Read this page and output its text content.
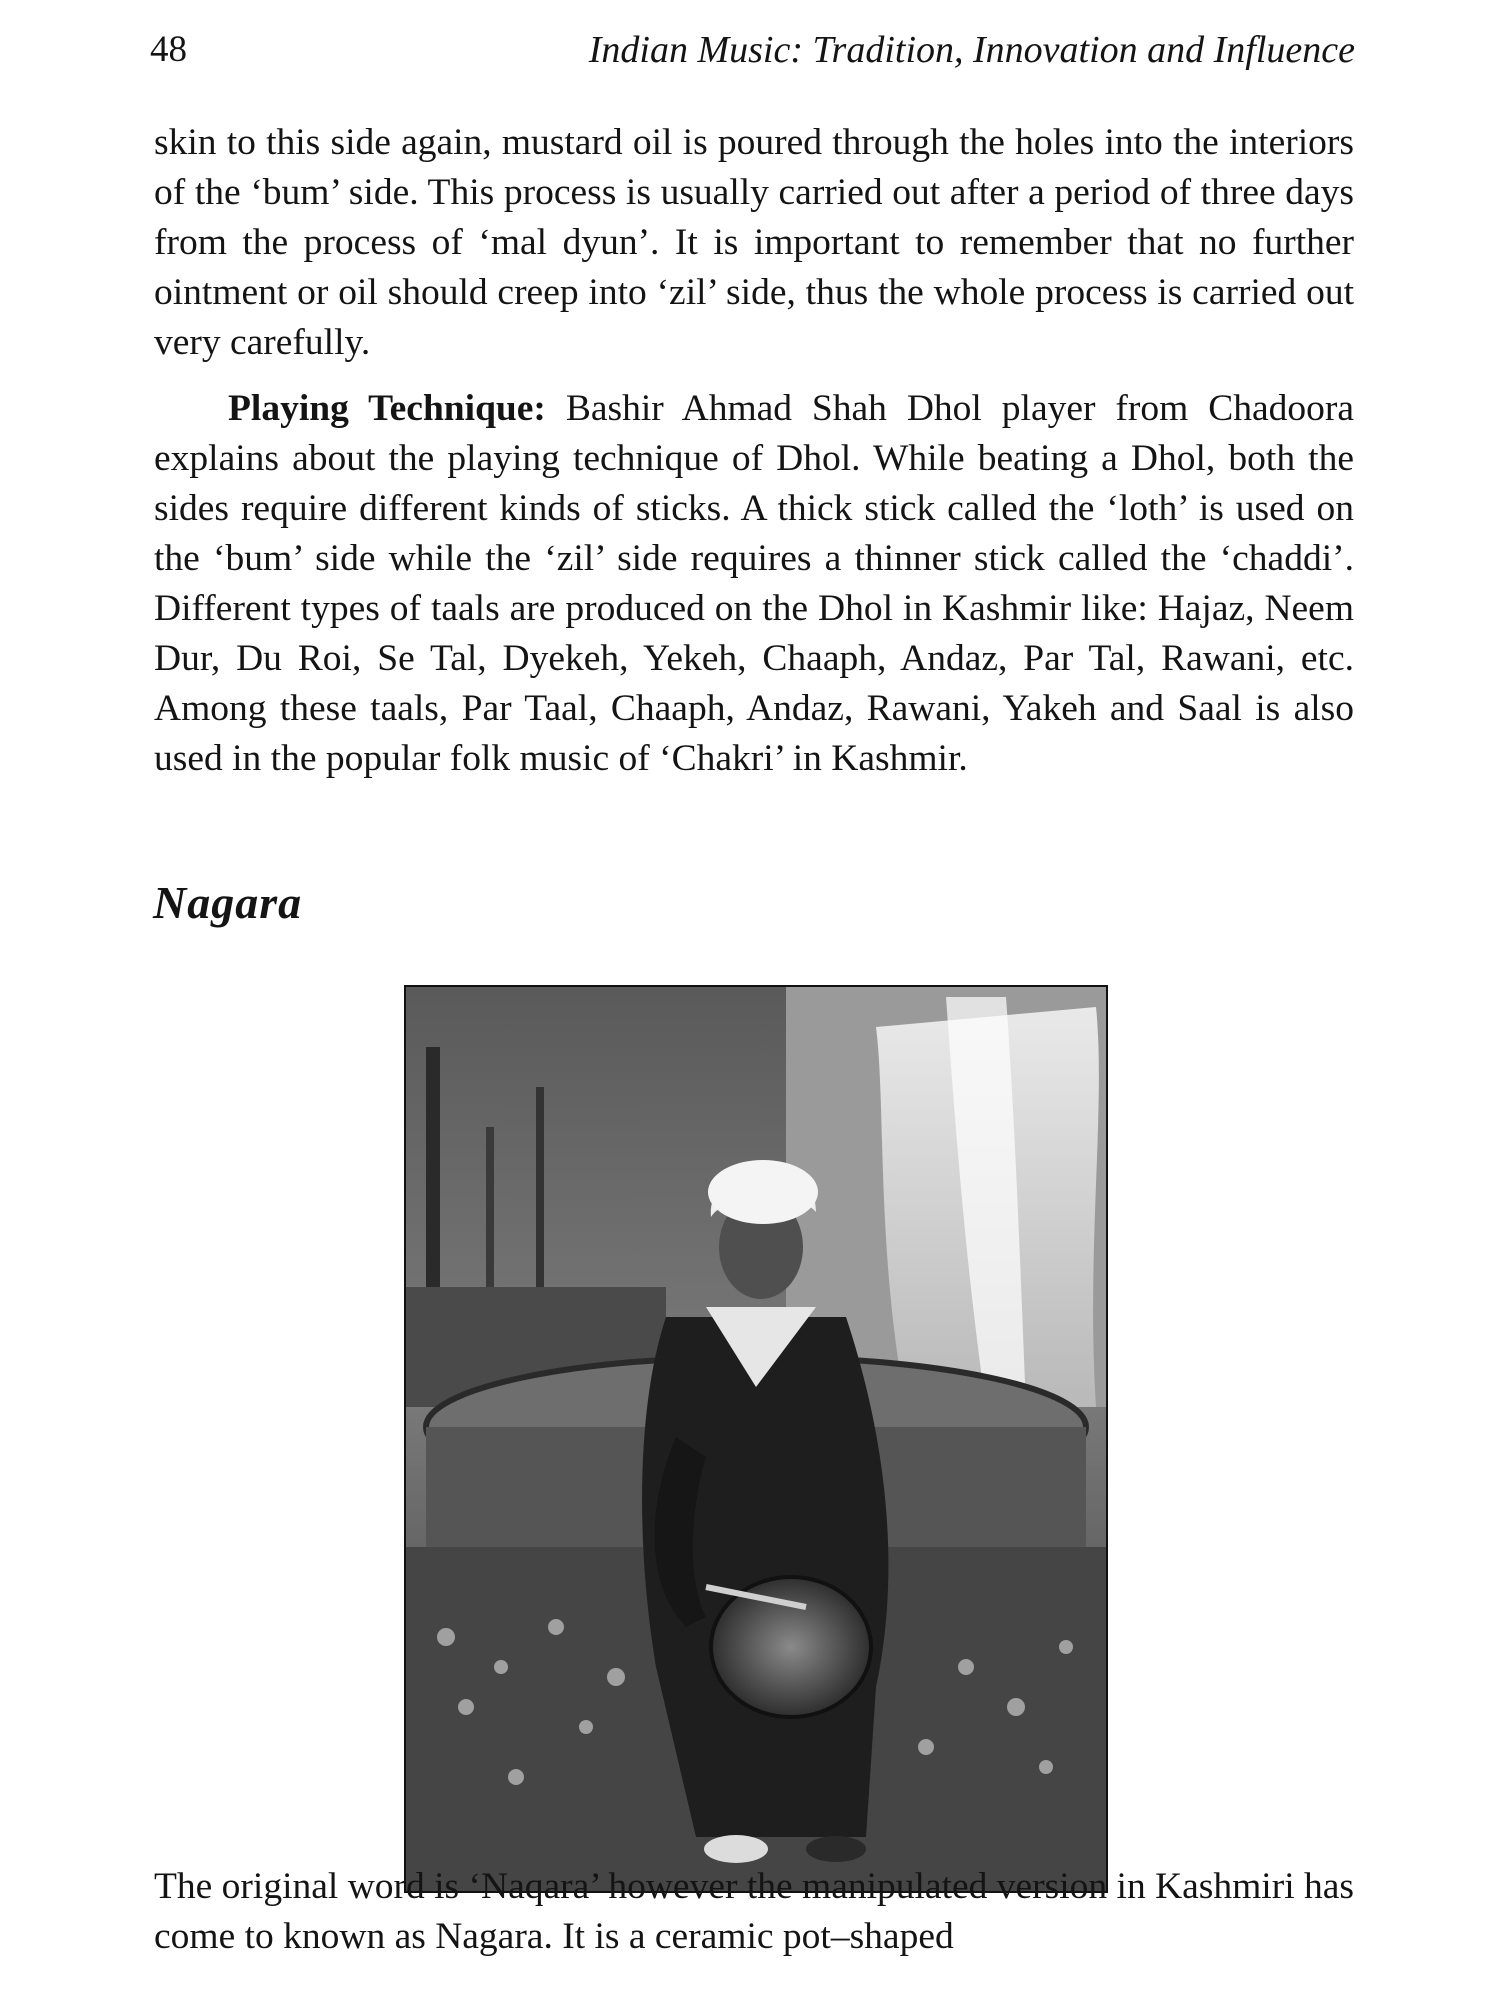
48	Indian Music: Tradition, Innovation and Influence

skin to this side again, mustard oil is poured through the holes into the interiors of the ‘bum’ side. This process is usually carried out after a period of three days from the process of ‘mal dyun’. It is important to remember that no further ointment or oil should creep into ‘zil’ side, thus the whole process is carried out very carefully.

Playing Technique: Bashir Ahmad Shah Dhol player from Chadoora explains about the playing technique of Dhol. While beating a Dhol, both the sides require different kinds of sticks. A thick stick called the ‘loth’ is used on the ‘bum’ side while the ‘zil’ side requires a thinner stick called the ‘chaddi’. Different types of taals are produced on the Dhol in Kashmir like: Hajaz, Neem Dur, Du Roi, Se Tal, Dyekeh, Yekeh, Chaaph, Andaz, Par Tal, Rawani, etc. Among these taals, Par Taal, Chaaph, Andaz, Rawani, Yakeh and Saal is also used in the popular folk music of ‘Chakri’ in Kashmir.

Nagara

The original word is ‘Naqara’ however the manipulated version in Kashmiri has come to known as Nagara. It is a ceramic pot–shaped
